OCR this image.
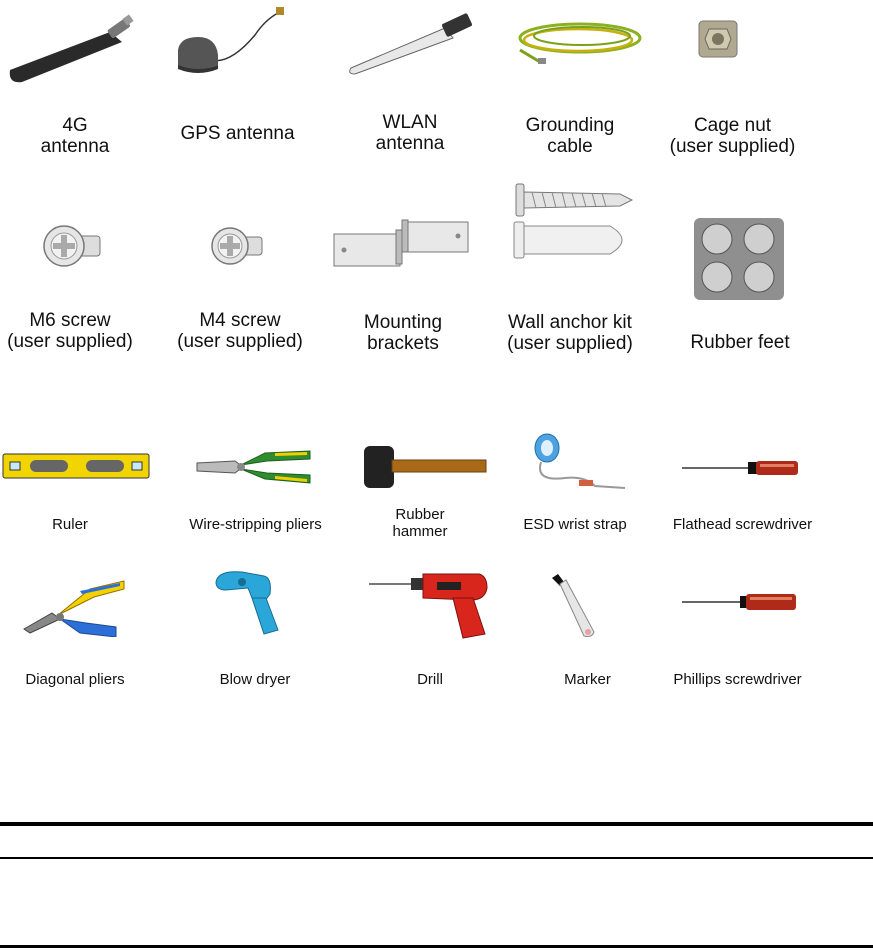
4G
antenna
GPS antenna
WLAN
antenna
Grounding
cable
Cage nut
(user supplied)
M6 screw
(user supplied)
M4 screw
(user supplied)
Mounting
brackets
Wall anchor kit
(user supplied)	Rubber feet
Ruler	Wire-stripping pliers
Rubber
hammer	ESD wrist strap	Flathead screwdriver
Diagonal pliers	Blow dryer	Drill	Marker	Phillips screwdriver
